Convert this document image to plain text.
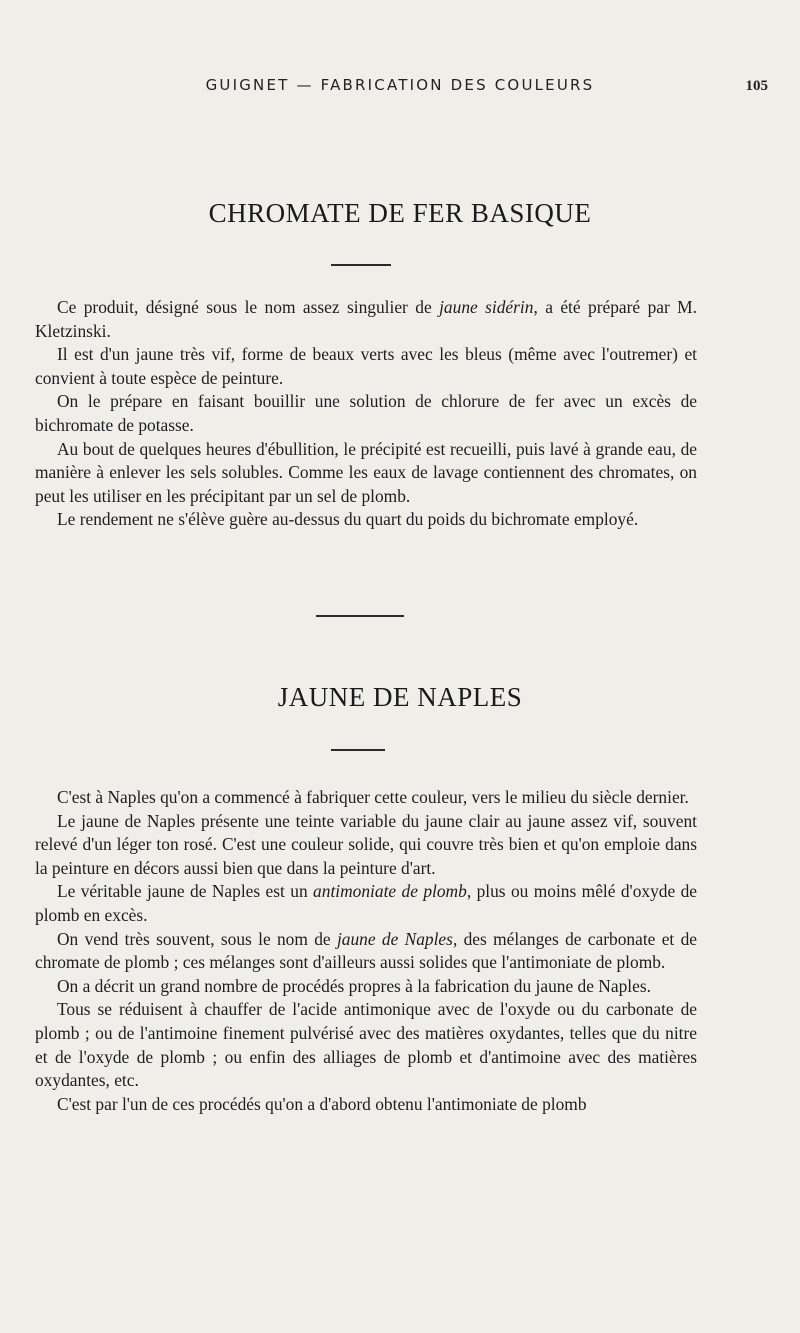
GUIGNET — FABRICATION DES COULEURS	105
CHROMATE DE FER BASIQUE

Ce produit, désigné sous le nom assez singulier de jaune sidérin, a été préparé par M. Kletzinski.

Il est d'un jaune très vif, forme de beaux verts avec les bleus (même avec l'outremer) et convient à toute espèce de peinture.

On le prépare en faisant bouillir une solution de chlorure de fer avec un excès de bichromate de potasse.

Au bout de quelques heures d'ébullition, le précipité est recueilli, puis lavé à grande eau, de manière à enlever les sels solubles. Comme les eaux de lavage contiennent des chromates, on peut les utiliser en les précipitant par un sel de plomb.

Le rendement ne s'élève guère au-dessus du quart du poids du bichromate employé.

JAUNE DE NAPLES

C'est à Naples qu'on a commencé à fabriquer cette couleur, vers le milieu du siècle dernier.

Le jaune de Naples présente une teinte variable du jaune clair au jaune assez vif, souvent relevé d'un léger ton rosé. C'est une couleur solide, qui couvre très bien et qu'on emploie dans la peinture en décors aussi bien que dans la peinture d'art.

Le véritable jaune de Naples est un antimoniate de plomb, plus ou moins mêlé d'oxyde de plomb en excès.

On vend très souvent, sous le nom de jaune de Naples, des mélanges de carbonate et de chromate de plomb ; ces mélanges sont d'ailleurs aussi solides que l'antimoniate de plomb.

On a décrit un grand nombre de procédés propres à la fabrication du jaune de Naples.

Tous se réduisent à chauffer de l'acide antimonique avec de l'oxyde ou du carbonate de plomb ; ou de l'antimoine finement pulvérisé avec des matières oxydantes, telles que du nitre et de l'oxyde de plomb ; ou enfin des alliages de plomb et d'antimoine avec des matières oxydantes, etc.

C'est par l'un de ces procédés qu'on a d'abord obtenu l'antimoniate de plomb
